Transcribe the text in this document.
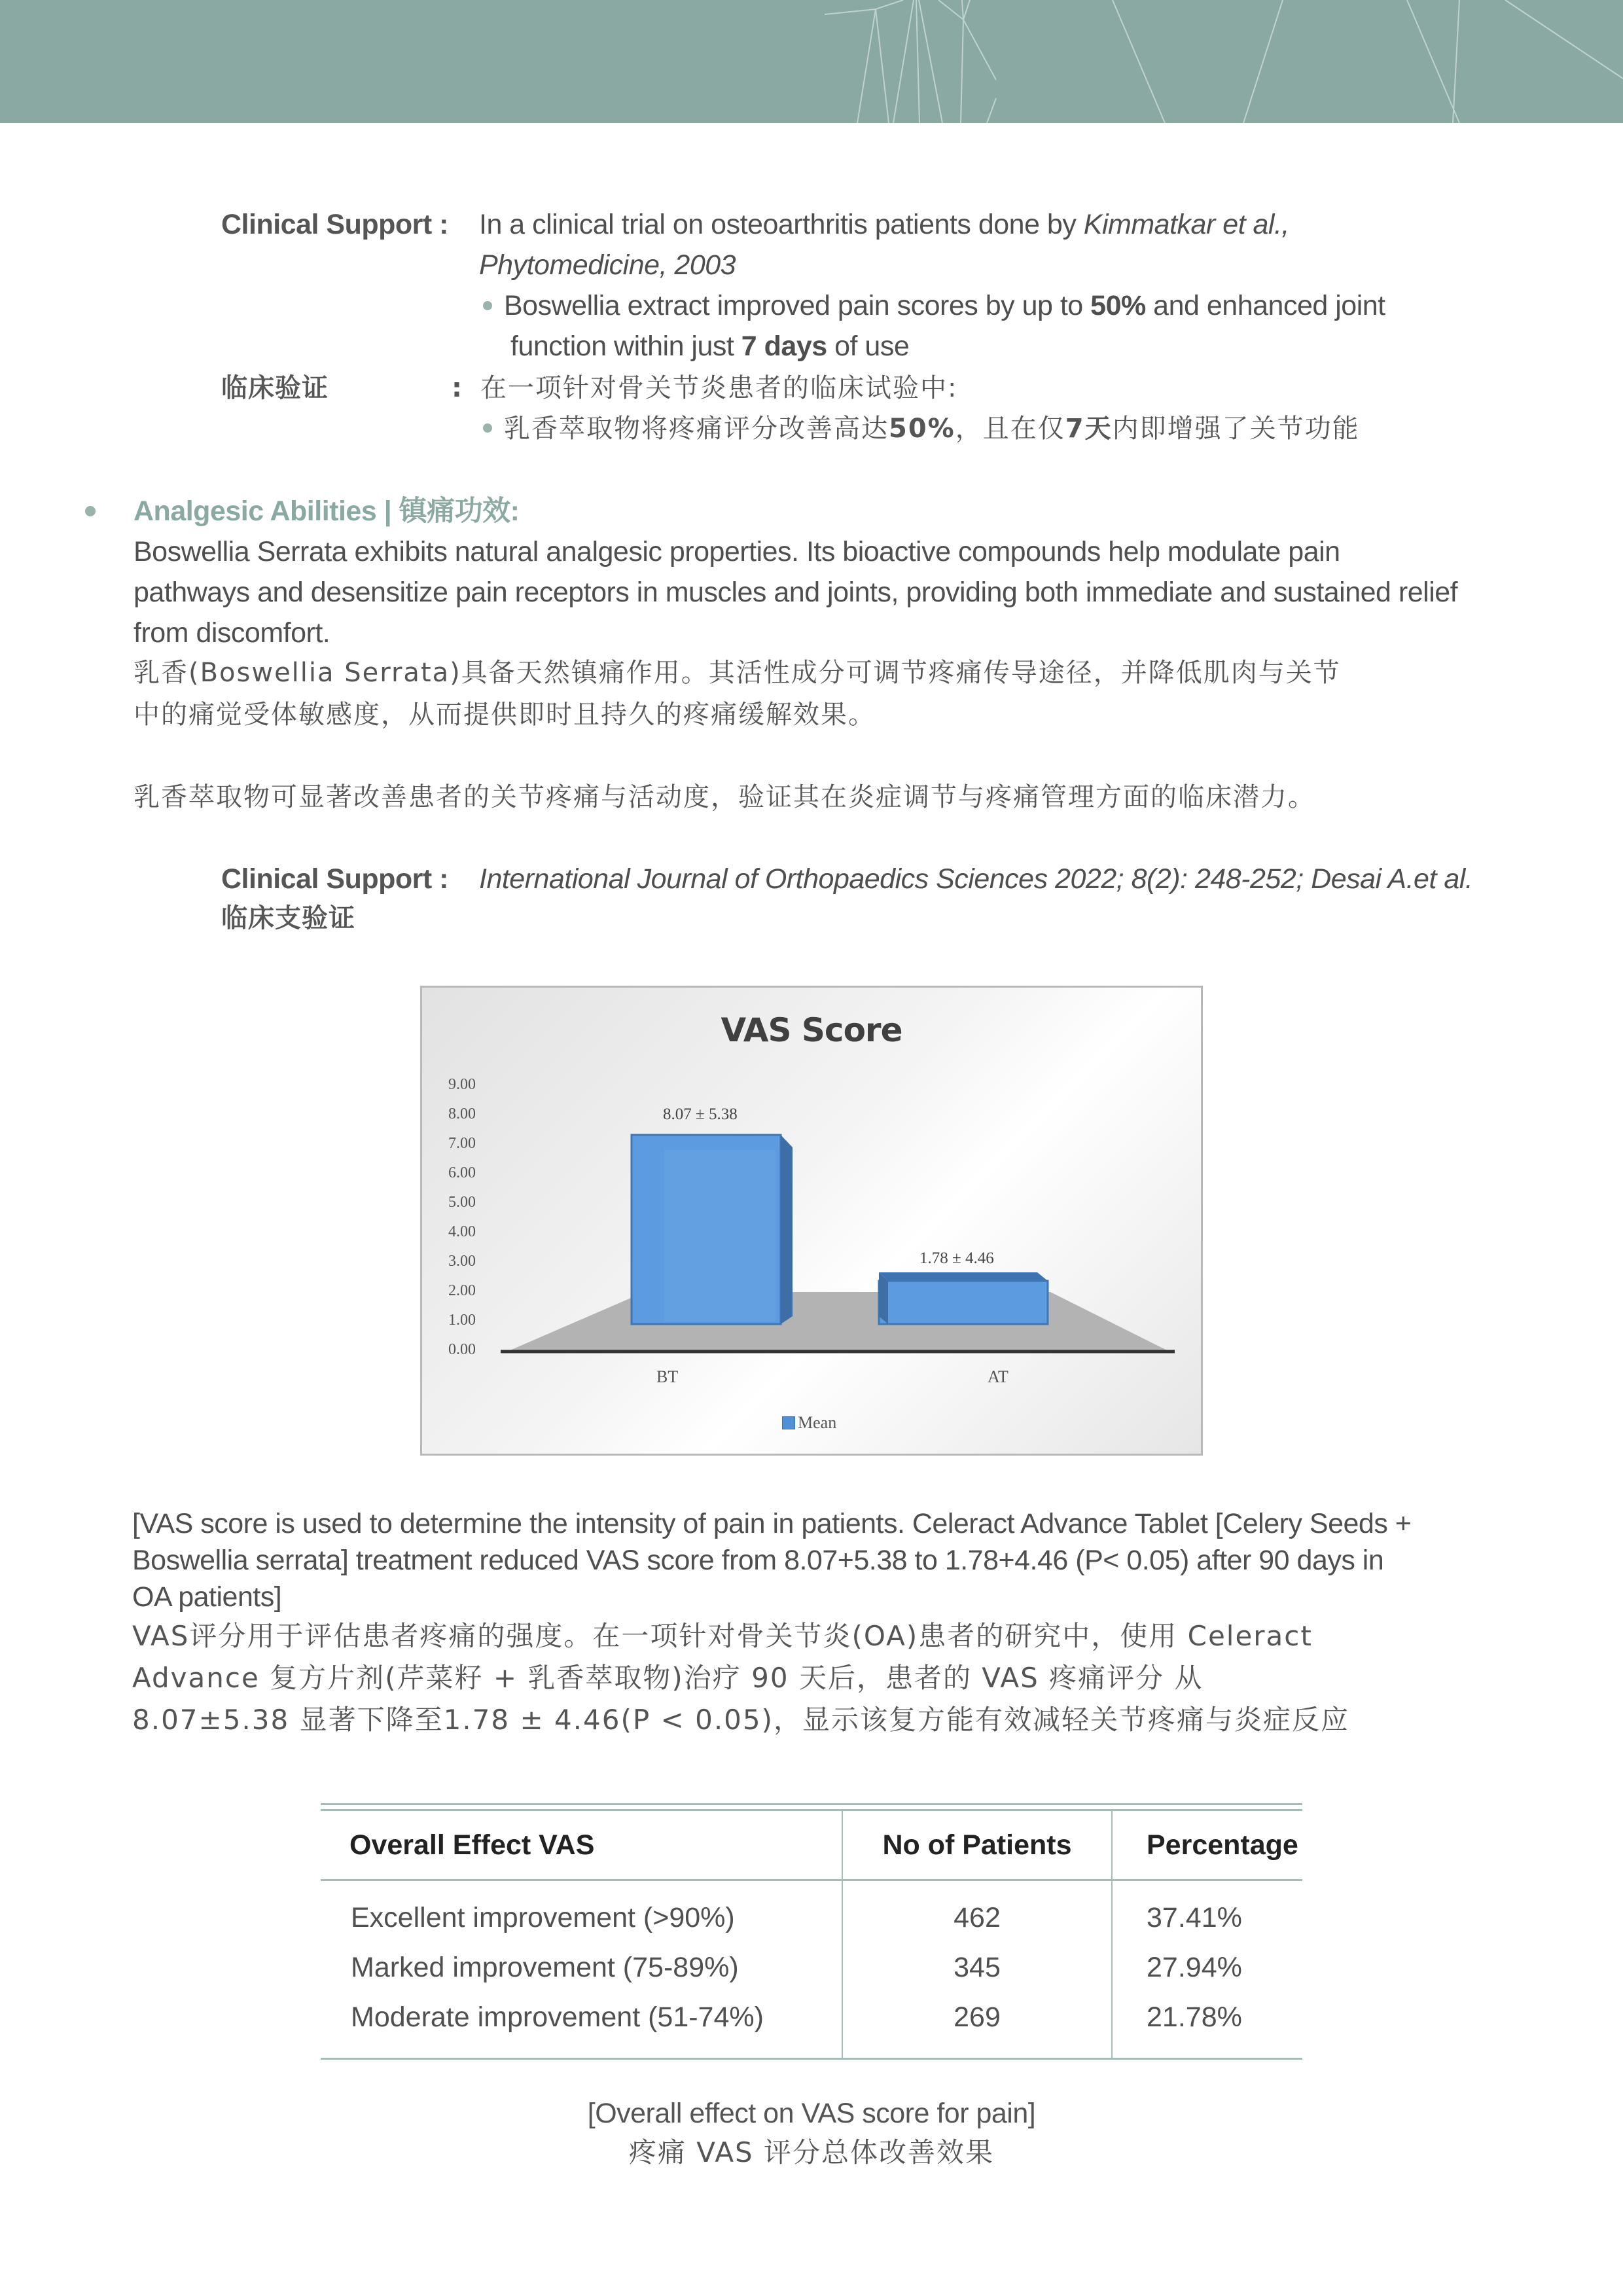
Clinical Support : In a clinical trial on osteoarthritis patients done by Kimmatkar et al.,
Phytomedicine, 2003
Boswellia extract improved pain scores by up to 50% and enhanced joint
function within just 7 days of use
临床验证	: 在一项针对骨关节炎患者的临床试验中:
乳香萃取物将疼痛评分改善高达50%，且在仅7天内即增强了关节功能
Analgesic Abilities | 镇痛功效:
Boswellia Serrata exhibits natural analgesic properties. Its bioactive compounds help modulate pain
pathways and desensitize pain receptors in muscles and joints, providing both immediate and sustained relief
from discomfort.
乳香(Boswellia Serrata)具备天然镇痛作用。其活性成分可调节疼痛传导途径，并降低肌肉与关节
中的痛觉受体敏感度，从而提供即时且持久的疼痛缓解效果。
乳香萃取物可显著改善患者的关节疼痛与活动度，验证其在炎症调节与疼痛管理方面的临床潜力。
Clinical Support : International Journal of Orthopaedics Sciences 2022; 8(2): 248-252; Desai A.et al.
临床支验证
VAS Score
9.00
8.00
7.00
6.00
5.00
4.00
3.00
2.00
1.00
0.00
8.07 ± 5.38
1.78 ± 4.46
BT	AT
Mean
[VAS score is used to determine the intensity of pain in patients. Celeract Advance Tablet [Celery Seeds +
Boswellia serrata] treatment reduced VAS score from 8.07+5.38 to 1.78+4.46 (P< 0.05) after 90 days in
OA patients]
VAS评分用于评估患者疼痛的强度。在一项针对骨关节炎(OA)患者的研究中，使用 Celeract
Advance 复方片剂(芹菜籽 + 乳香萃取物)治疗 90 天后，患者的 VAS 疼痛评分 从
8.07±5.38 显著下降至1.78 ± 4.46(P < 0.05)，显示该复方能有效减轻关节疼痛与炎症反应
Overall Effect VAS	No of Patients	Percentage

Excellent improvement (>90%)	462	37.41%
Marked improvement (75-89%)	345	27.94%
Moderate improvement (51-74%)	269	21.78%

[Overall effect on VAS score for pain]
疼痛 VAS 评分总体改善效果
